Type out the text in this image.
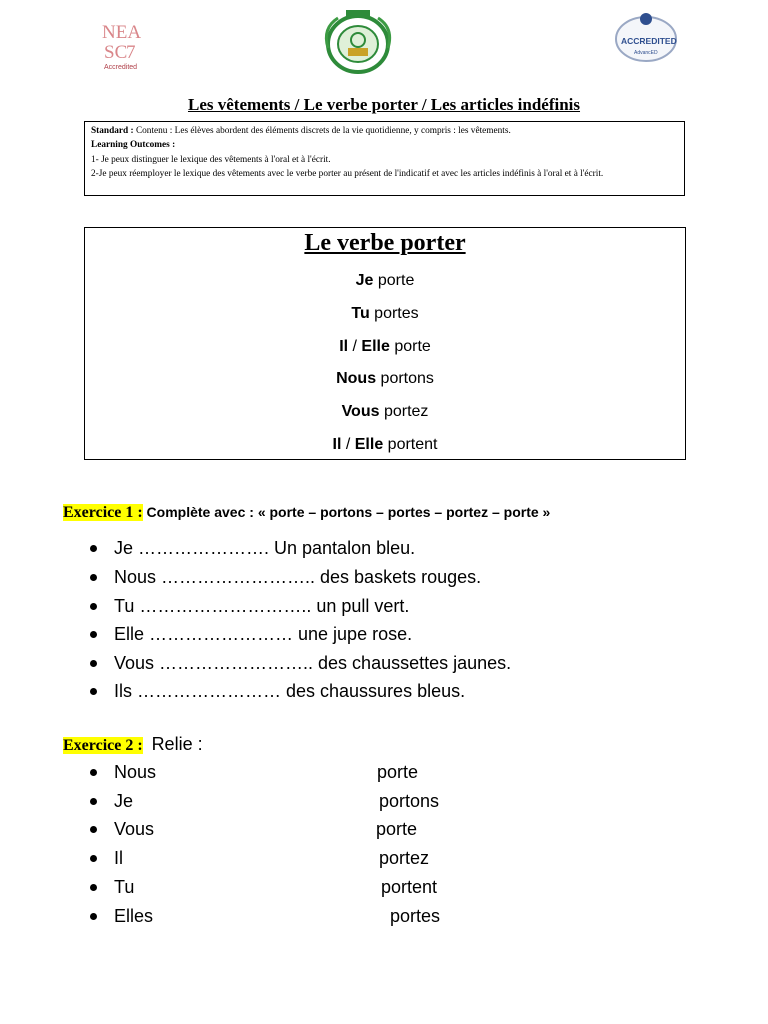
NEA
SC
7
Accredited
ACCREDITED
AdvancED
Les vêtements / Le verbe porter / Les articles indéfinis
Standard : Contenu : Les élèves abordent des éléments discrets de la vie quotidienne, y compris : les vêtements.
Learning Outcomes :
1- Je peux distinguer le lexique des vêtements à l'oral et à l'écrit.
2-Je peux réemployer le lexique des vêtements avec le verbe porter au présent de l'indicatif et avec les articles indéfinis à l'oral et à l'écrit.
Le verbe porter
Je porte
Tu portes
Il / Elle porte
Nous portons
Vous portez
Il / Elle portent
Exercice 1 : Complète avec : « porte – portons – portes – portez – porte »
Je …………………. Un pantalon bleu.
Nous …………………….. des baskets rouges.
Tu ……………………….. un pull vert.
Elle …………………… une jupe rose.
Vous …………………….. des chaussettes jaunes.
Ils …………………… des chaussures bleus.
Exercice 2 : Relie :
Nous	porte
Je	portons
Vous	porte
Il	portez
Tu	portent
Elles	portes
